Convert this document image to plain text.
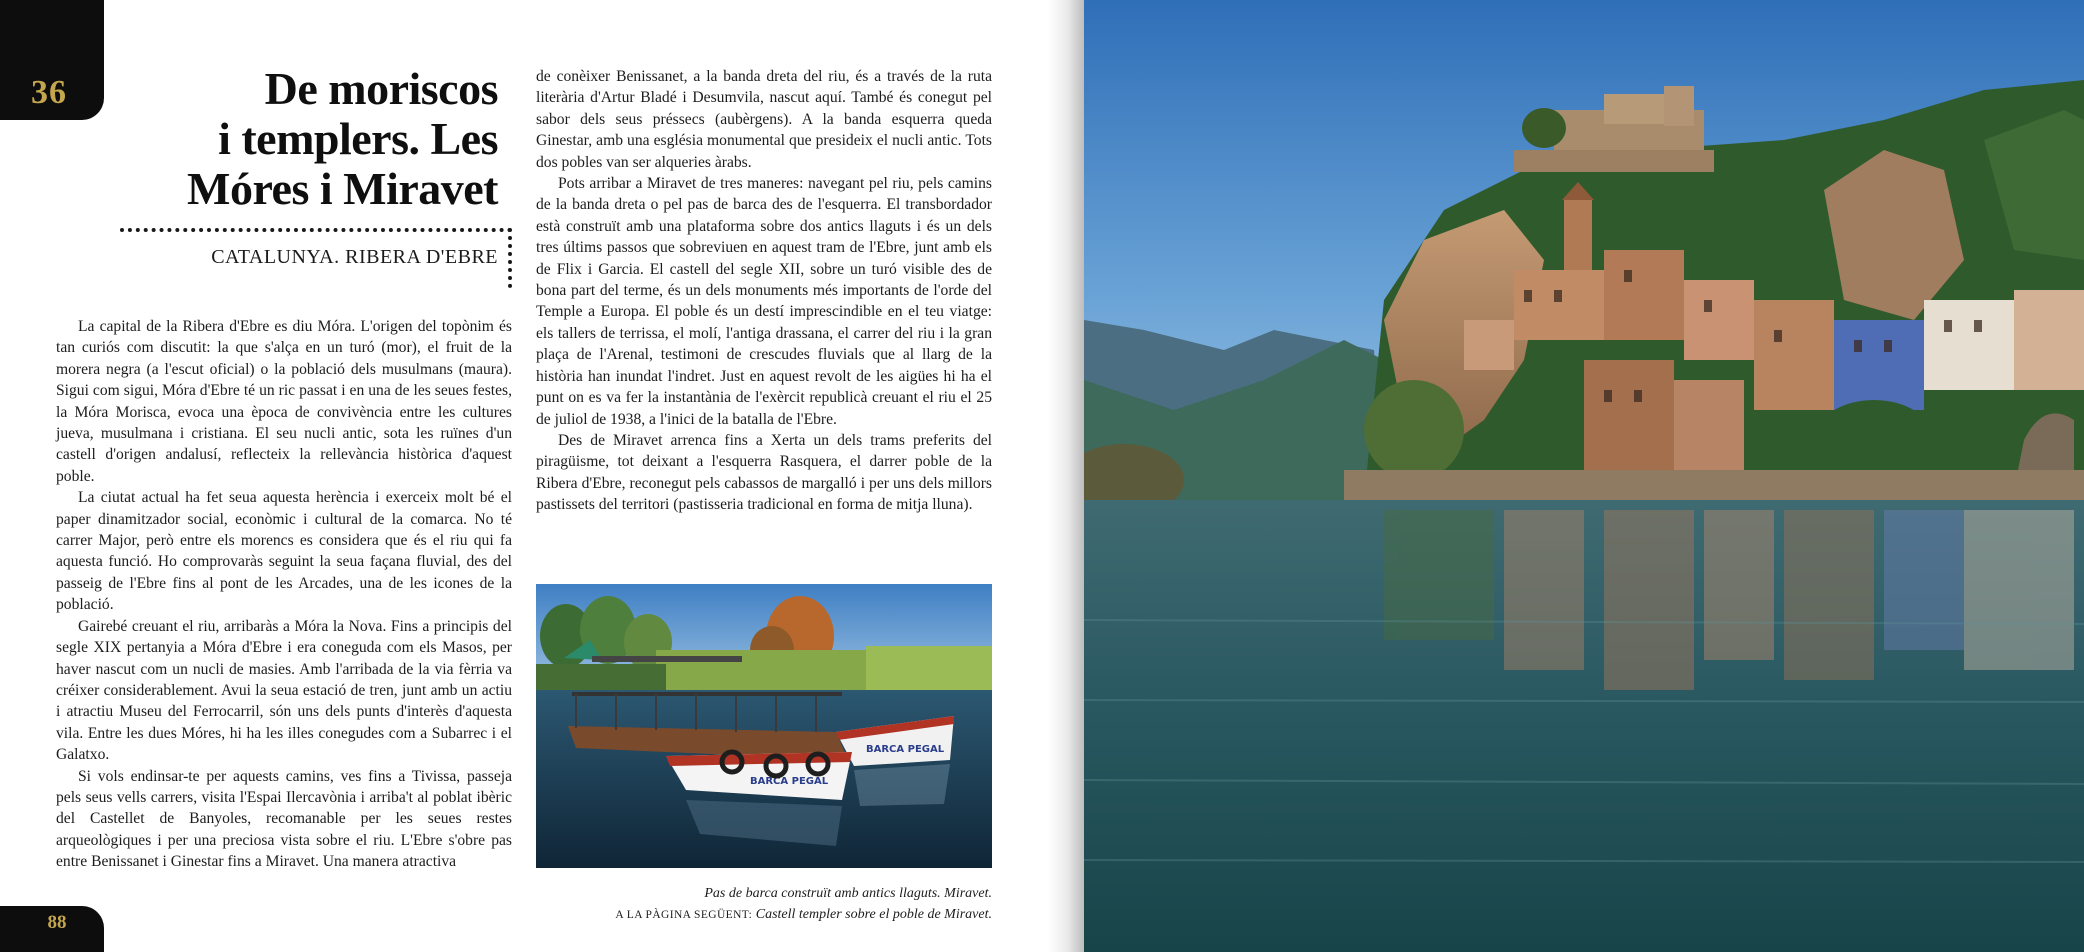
36	De moriscos
i templers. Les
Móres i Miravet
CATALUNYA. RIBERA D'EBRE

La capital de la Ribera d'Ebre es diu Móra. L'origen del topònim és tan curiós com discutit: la que s'alça en un turó (mor), el fruit de la morera negra (a l'escut oficial) o la població dels musulmans (maura). Sigui com sigui, Móra d'Ebre té un ric passat i en una de les seues festes, la Móra Morisca, evoca una època de convivència entre les cultures jueva, musulmana i cristiana. El seu nucli antic, sota les ruïnes d'un castell d'origen andalusí, reflecteix la rellevància històrica d'aquest poble.

La ciutat actual ha fet seua aquesta herència i exerceix molt bé el paper dinamitzador social, econòmic i cultural de la comarca. No té carrer Major, però entre els morencs es considera que és el riu qui fa aquesta funció. Ho comprovaràs seguint la seua façana fluvial, des del passeig de l'Ebre fins al pont de les Arcades, una de les icones de la població.

Gairebé creuant el riu, arribaràs a Móra la Nova. Fins a principis del segle XIX pertanyia a Móra d'Ebre i era coneguda com els Masos, per haver nascut com un nucli de masies. Amb l'arribada de la via fèrria va créixer considerablement. Avui la seua estació de tren, junt amb un actiu i atractiu Museu del Ferrocarril, són uns dels punts d'interès d'aquesta vila. Entre les dues Móres, hi ha les illes conegudes com a Subarrec i el Galatxo.

Si vols endinsar-te per aquests camins, ves fins a Tivissa, passeja pels seus vells carrers, visita l'Espai Ilercavònia i arriba't al poblat ibèric del Castellet de Banyoles, recomanable per les seues restes arqueològiques i per una preciosa vista sobre el riu. L'Ebre s'obre pas entre Benissanet i Ginestar fins a Miravet. Una manera atractiva

de conèixer Benissanet, a la banda dreta del riu, és a través de la ruta literària d'Artur Bladé i Desumvila, nascut aquí. També és conegut pel sabor dels seus préssecs (aubèrgens). A la banda esquerra queda Ginestar, amb una església monumental que presideix el nucli antic. Tots dos pobles van ser alqueries àrabs.

Pots arribar a Miravet de tres maneres: navegant pel riu, pels camins de la banda dreta o pel pas de barca des de l'esquerra. El transbordador està construït amb una plataforma sobre dos antics llaguts i és un dels tres últims passos que sobreviuen en aquest tram de l'Ebre, junt amb els de Flix i Garcia. El castell del segle XII, sobre un turó visible des de bona part del terme, és un dels monuments més importants de l'orde del Temple a Europa. El poble és un destí imprescindible en el teu viatge: els tallers de terrissa, el molí, l'antiga drassana, el carrer del riu i la gran plaça de l'Arenal, testimoni de crescudes fluvials que al llarg de la història han inundat l'indret. Just en aquest revolt de les aigües hi ha el punt on es va fer la instantània de l'exèrcit republicà creuant el riu el 25 de juliol de 1938, a l'inici de la batalla de l'Ebre.

Des de Miravet arrenca fins a Xerta un dels trams preferits del piragüisme, tot deixant a l'esquerra Rasquera, el darrer poble de la Ribera d'Ebre, reconegut pels cabassos de margalló i per uns dels millors pastissets del territori (pastisseria tradicional en forma de mitja lluna).

BARCA PEGAL
BARCA PEGAL
Pas de barca construït amb antics llaguts. Miravet.
A LA PÀGINA SEGÜENT: Castell templer sobre el poble de Miravet.
88
